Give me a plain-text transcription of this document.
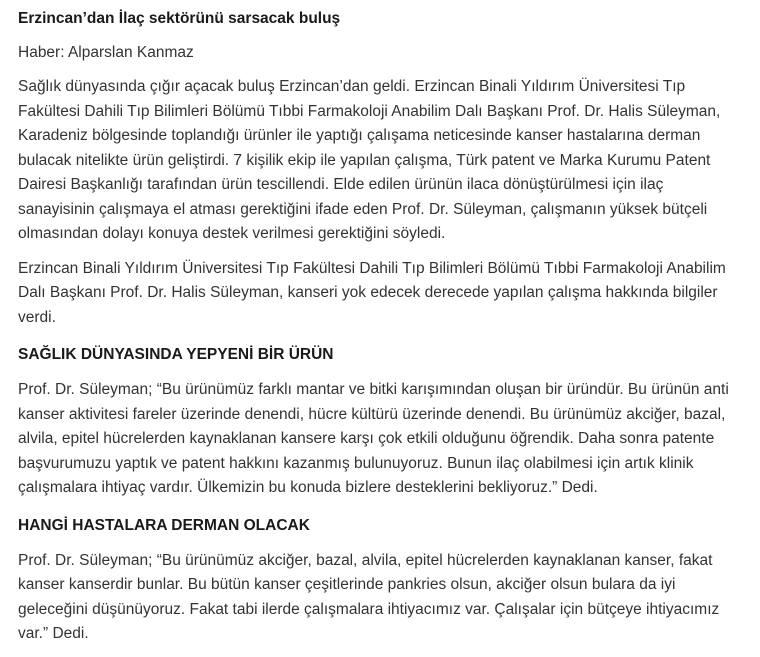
Erzincan’dan İlaç sektörünü sarsacak buluş
Haber: Alparslan Kanmaz
Sağlık dünyasında çığır açacak buluş Erzincan’dan geldi. Erzincan Binali Yıldırım Üniversitesi Tıp Fakültesi Dahili Tıp Bilimleri Bölümü Tıbbi Farmakoloji Anabilim Dalı Başkanı Prof. Dr. Halis Süleyman, Karadeniz bölgesinde toplandığı ürünler ile yaptığı çalışama neticesinde kanser hastalarına derman bulacak nitelikte ürün geliştirdi. 7 kişilik ekip ile yapılan çalışma, Türk patent ve Marka Kurumu Patent Dairesi Başkanlığı tarafından ürün tescillendi. Elde edilen ürünün ilaca dönüştürülmesi için ilaç sanayisinin çalışmaya el atması gerektiğini ifade eden Prof. Dr. Süleyman, çalışmanın yüksek bütçeli olmasından dolayı konuya destek verilmesi gerektiğini söyledi.
Erzincan Binali Yıldırım Üniversitesi Tıp Fakültesi Dahili Tıp Bilimleri Bölümü Tıbbi Farmakoloji Anabilim Dalı Başkanı Prof. Dr. Halis Süleyman, kanseri yok edecek derecede yapılan çalışma hakkında bilgiler verdi.
SAĞLIK DÜNYASINDA YEPYENİ BİR ÜRÜN
Prof. Dr. Süleyman; “Bu ürünümüz farklı mantar ve bitki karışımından oluşan bir üründür. Bu ürünün anti kanser aktivitesi fareler üzerinde denendi, hücre kültürü üzerinde denendi. Bu ürünümüz akciğer, bazal, alvila, epitel hücrelerden kaynaklanan kansere karşı çok etkili olduğunu öğrendik. Daha sonra patente başvurumuzu yaptık ve patent hakkını kazanmış bulunuyoruz. Bunun ilaç olabilmesi için artık klinik çalışmalara ihtiyaç vardır. Ülkemizin bu konuda bizlere desteklerini bekliyoruz.” Dedi.
HANGİ HASTALARA DERMAN OLACAK
Prof. Dr. Süleyman; “Bu ürünümüz akciğer, bazal, alvila, epitel hücrelerden kaynaklanan kanser, fakat kanser kanserdir bunlar. Bu bütün kanser çeşitlerinde pankries olsun, akciğer olsun bulara da iyi geleceğini düşünüyoruz. Fakat tabi ilerde çalışmalara ihtiyacımız var. Çalışalar için bütçeye ihtiyacımız var.” Dedi.
